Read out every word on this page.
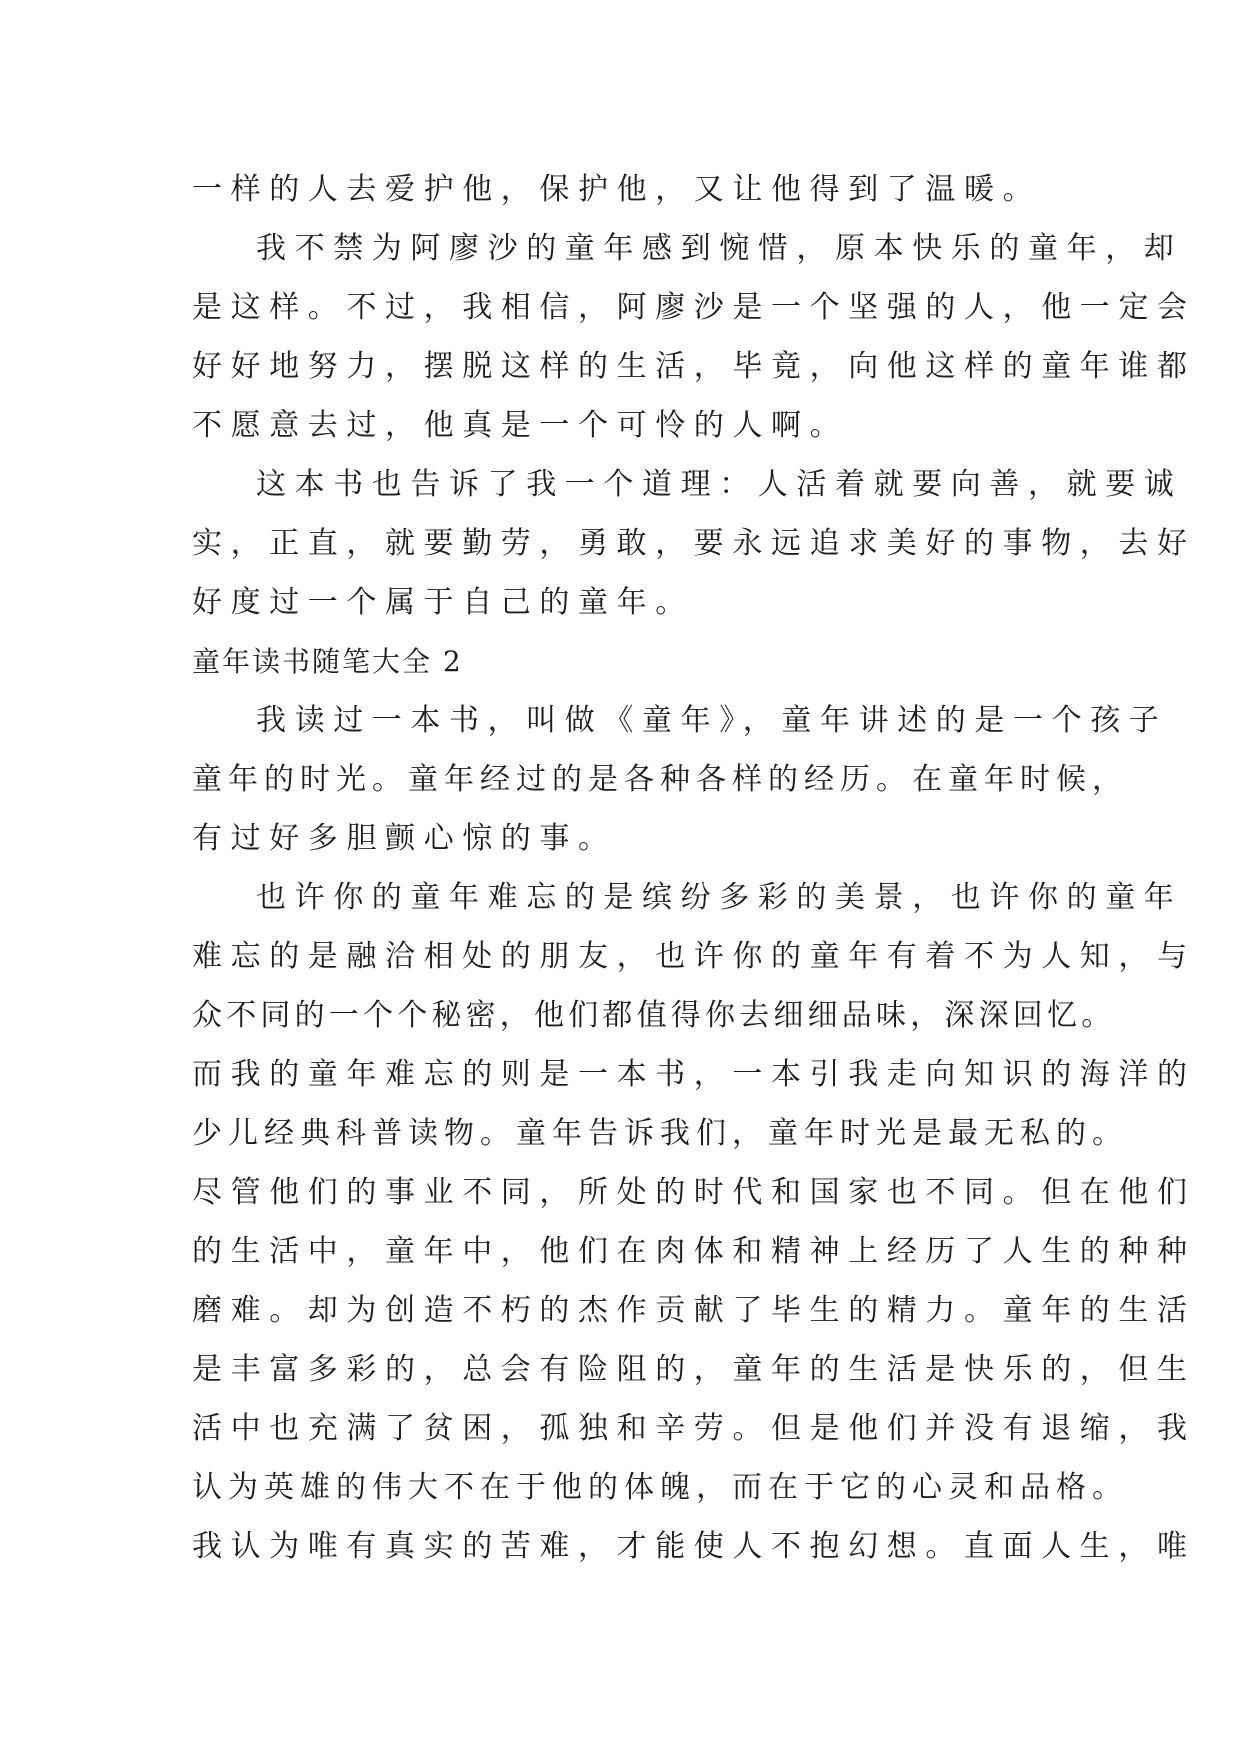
一样的人去爱护他，保护他，又让他得到了温暖。
我不禁为阿廖沙的童年感到惋惜，原本快乐的童年，却
是这样。不过，我相信，阿廖沙是一个坚强的人，他一定会
好好地努力，摆脱这样的生活，毕竟，向他这样的童年谁都
不愿意去过，他真是一个可怜的人啊。
这本书也告诉了我一个道理：人活着就要向善，就要诚
实，正直，就要勤劳，勇敢，要永远追求美好的事物，去好
好度过一个属于自己的童年。
童年读书随笔大全 2
我读过一本书，叫做《童年》，童年讲述的是一个孩子
童年的时光。童年经过的是各种各样的经历。在童年时候，
有过好多胆颤心惊的事。
也许你的童年难忘的是缤纷多彩的美景，也许你的童年
难忘的是融洽相处的朋友，也许你的童年有着不为人知，与
众不同的一个个秘密，他们都值得你去细细品味，深深回忆。
而我的童年难忘的则是一本书，一本引我走向知识的海洋的
少儿经典科普读物。童年告诉我们，童年时光是最无私的。
尽管他们的事业不同，所处的时代和国家也不同。但在他们
的生活中，童年中，他们在肉体和精神上经历了人生的种种
磨难。却为创造不朽的杰作贡献了毕生的精力。童年的生活
是丰富多彩的，总会有险阻的，童年的生活是快乐的，但生
活中也充满了贫困，孤独和辛劳。但是他们并没有退缩，我
认为英雄的伟大不在于他的体魄，而在于它的心灵和品格。
我认为唯有真实的苦难，才能使人不抱幻想。直面人生，唯
